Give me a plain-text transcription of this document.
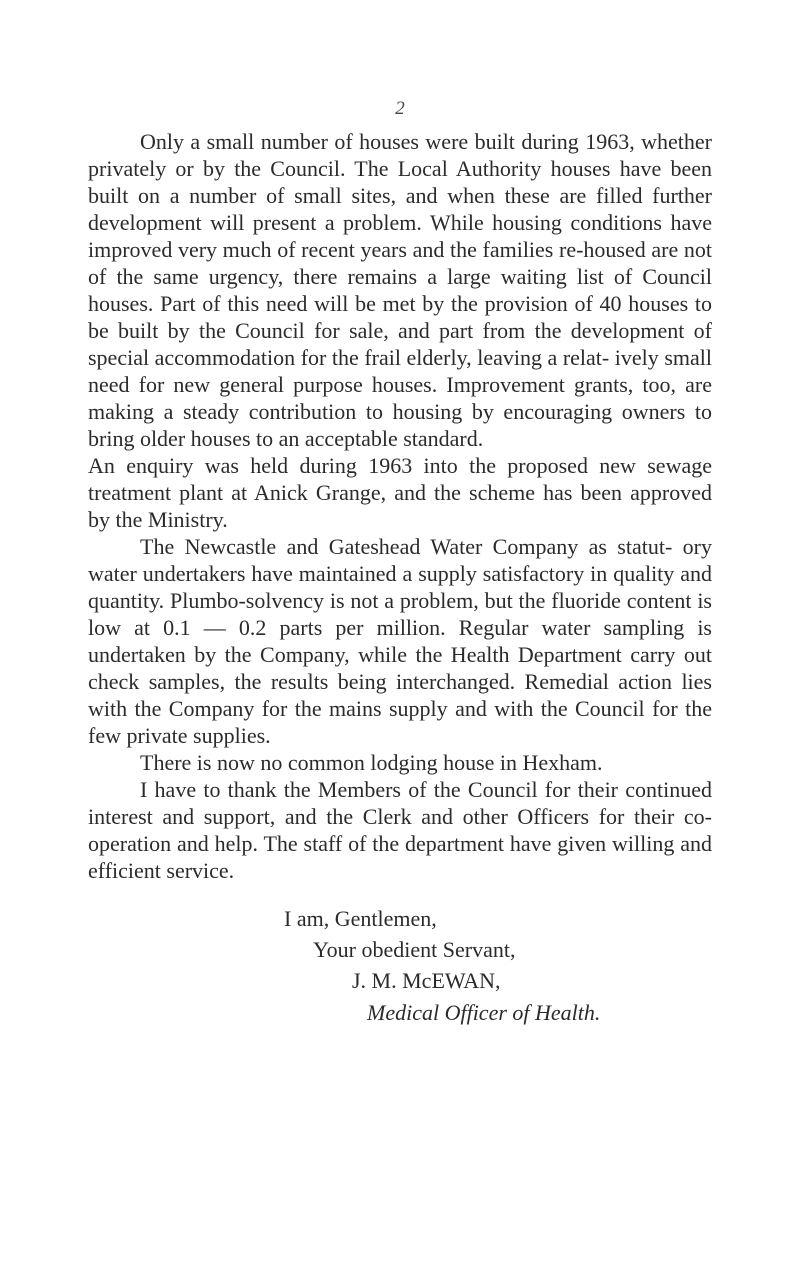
2

Only a small number of houses were built during 1963, whether privately or by the Council. The Local Authority houses have been built on a number of small sites, and when these are filled further development will present a problem. While housing conditions have improved very much of recent years and the families re-housed are not of the same urgency, there remains a large waiting list of Council houses. Part of this need will be met by the provision of 40 houses to be built by the Council for sale, and part from the development of special accommodation for the frail elderly, leaving a relat- ively small need for new general purpose houses. Improvement grants, too, are making a steady contribution to housing by encouraging owners to bring older houses to an acceptable standard.

An enquiry was held during 1963 into the proposed new sewage treatment plant at Anick Grange, and the scheme has been approved by the Ministry.

The Newcastle and Gateshead Water Company as statut- ory water undertakers have maintained a supply satisfactory in quality and quantity. Plumbo-solvency is not a problem, but the fluoride content is low at 0.1 — 0.2 parts per million. Regular water sampling is undertaken by the Company, while the Health Department carry out check samples, the results being interchanged. Remedial action lies with the Company for the mains supply and with the Council for the few private supplies.

There is now no common lodging house in Hexham.

I have to thank the Members of the Council for their continued interest and support, and the Clerk and other Officers for their co-operation and help. The staff of the department have given willing and efficient service.

I am, Gentlemen,
Your obedient Servant,
J. M. McEWAN,
Medical Officer of Health.
